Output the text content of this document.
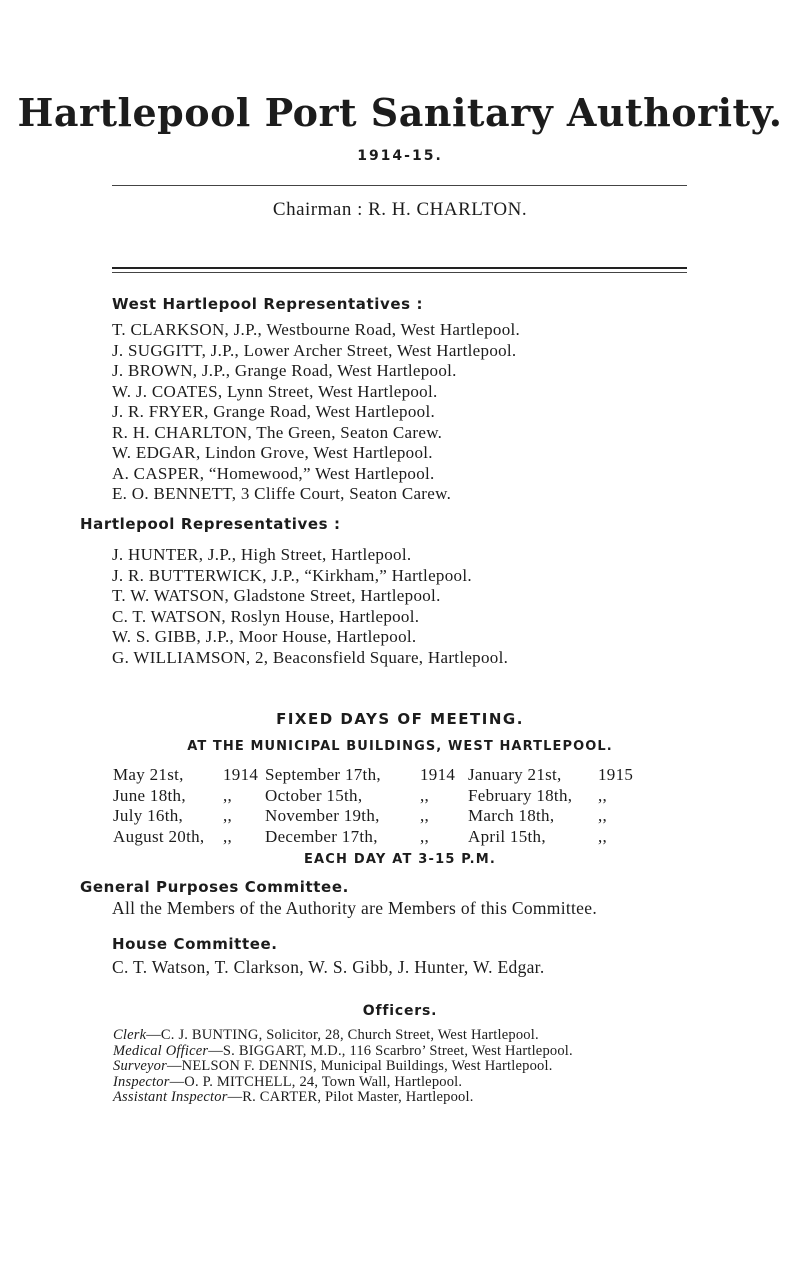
Hartlepool Port Sanitary Authority.
1914-15.
Chairman : R. H. CHARLTON.
West Hartlepool Representatives :
T. CLARKSON, J.P., Westbourne Road, West Hartlepool.
J. SUGGITT, J.P., Lower Archer Street, West Hartlepool.
J. BROWN, J.P., Grange Road, West Hartlepool.
W. J. COATES, Lynn Street, West Hartlepool.
J. R. FRYER, Grange Road, West Hartlepool.
R. H. CHARLTON, The Green, Seaton Carew.
W. EDGAR, Lindon Grove, West Hartlepool.
A. CASPER, “Homewood,” West Hartlepool.
E. O. BENNETT, 3 Cliffe Court, Seaton Carew.
Hartlepool Representatives :
J. HUNTER, J.P., High Street, Hartlepool.
J. R. BUTTERWICK, J.P., “Kirkham,” Hartlepool.
T. W. WATSON, Gladstone Street, Hartlepool.
C. T. WATSON, Roslyn House, Hartlepool.
W. S. GIBB, J.P., Moor House, Hartlepool.
G. WILLIAMSON, 2, Beaconsfield Square, Hartlepool.
FIXED DAYS OF MEETING.
AT THE MUNICIPAL BUILDINGS, WEST HARTLEPOOL.
May 21st,	1914	September 17th,	1914	January 21st,	1915
June 18th,	,,	October 15th,	,,	February 18th,	,,
July 16th,	,,	November 19th,	,,	March 18th,	,,
August 20th,	,,	December 17th,	,,	April 15th,	,,
EACH DAY AT 3-15 P.M.
General Purposes Committee.
All the Members of the Authority are Members of this Committee.
House Committee.
C. T. Watson, T. Clarkson, W. S. Gibb, J. Hunter, W. Edgar.
Officers.
Clerk—C. J. BUNTING, Solicitor, 28, Church Street, West Hartlepool.
Medical Officer—S. BIGGART, M.D., 116 Scarbro’ Street, West Hartlepool.
Surveyor—NELSON F. DENNIS, Municipal Buildings, West Hartlepool.
Inspector—O. P. MITCHELL, 24, Town Wall, Hartlepool.
Assistant Inspector—R. CARTER, Pilot Master, Hartlepool.
